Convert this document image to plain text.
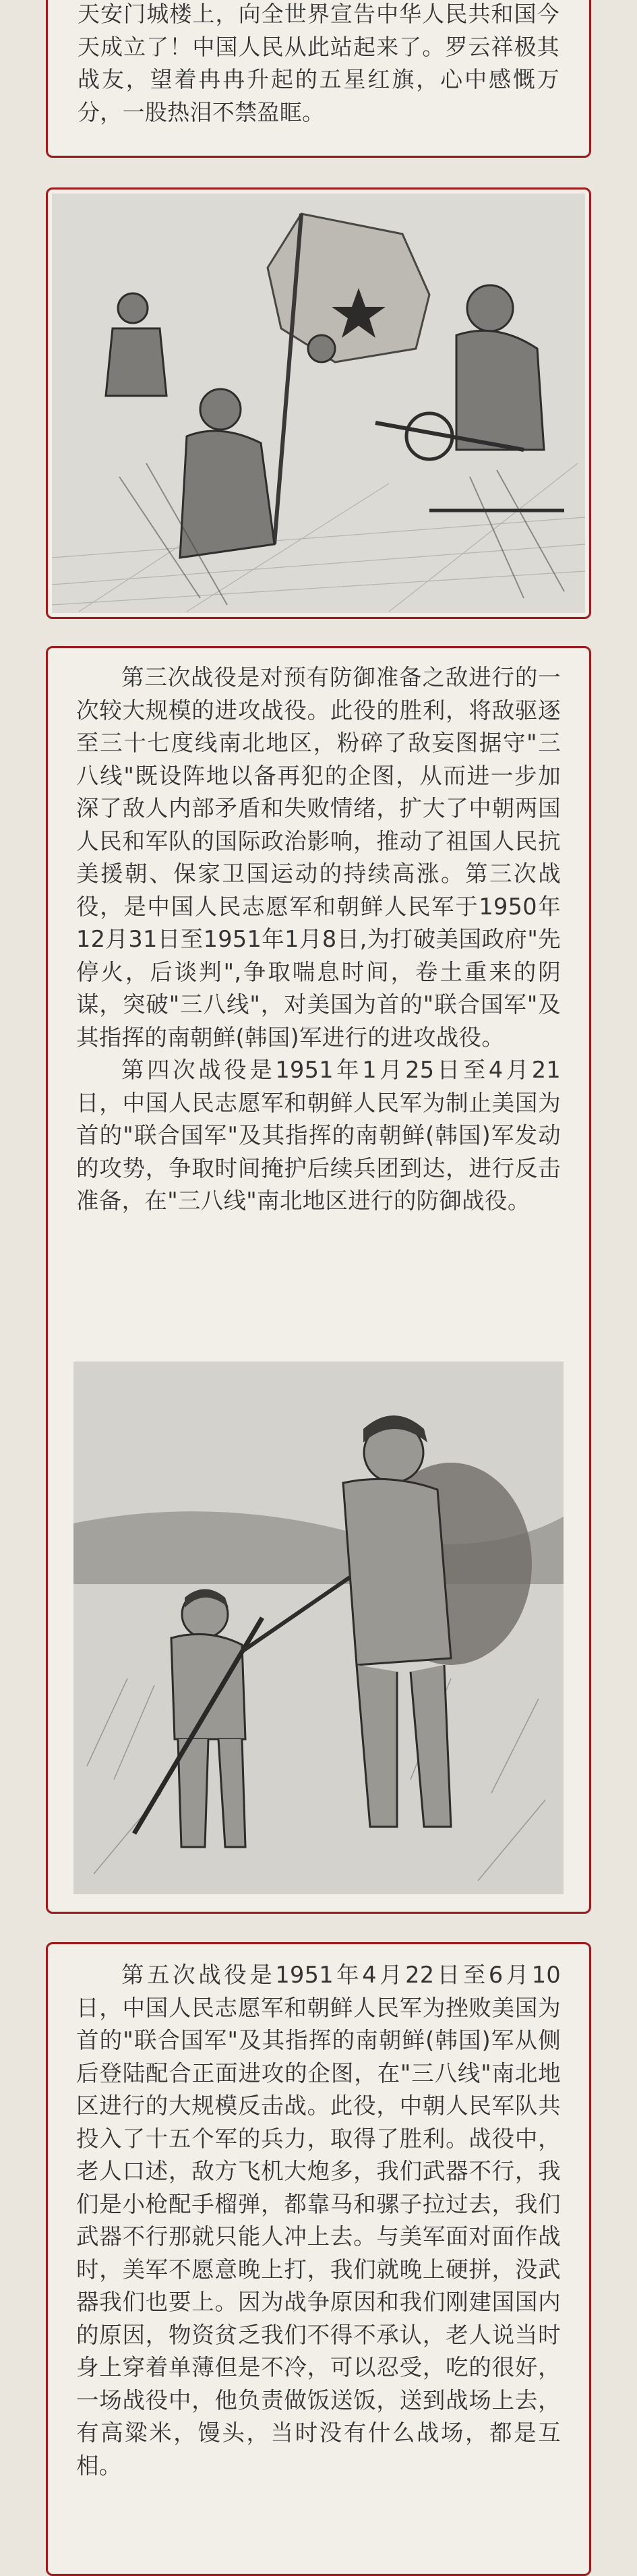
天安门城楼上，向全世界宣告中华人民共和国今天成立了！中国人民从此站起来了。罗云祥极其战友，望着冉冉升起的五星红旗，心中感慨万分，一股热泪不禁盈眶。

第三次战役是对预有防御准备之敌进行的一次较大规模的进攻战役。此役的胜利，将敌驱逐至三十七度线南北地区，粉碎了敌妄图据守"三八线"既设阵地以备再犯的企图，从而进一步加深了敌人内部矛盾和失败情绪，扩大了中朝两国人民和军队的国际政治影响，推动了祖国人民抗美援朝、保家卫国运动的持续高涨。第三次战役，是中国人民志愿军和朝鲜人民军于1950年12月31日至1951年1月8日,为打破美国政府"先停火，后谈判",争取喘息时间，卷土重来的阴谋，突破"三八线"，对美国为首的"联合国军"及其指挥的南朝鲜(韩国)军进行的进攻战役。

第四次战役是1951年1月25日至4月21日，中国人民志愿军和朝鲜人民军为制止美国为首的"联合国军"及其指挥的南朝鲜(韩国)军发动的攻势，争取时间掩护后续兵团到达，进行反击准备，在"三八线"南北地区进行的防御战役。

第五次战役是1951年4月22日至6月10日，中国人民志愿军和朝鲜人民军为挫败美国为首的"联合国军"及其指挥的南朝鲜(韩国)军从侧后登陆配合正面进攻的企图，在"三八线"南北地区进行的大规模反击战。此役，中朝人民军队共投入了十五个军的兵力，取得了胜利。战役中，老人口述，敌方飞机大炮多，我们武器不行，我们是小枪配手榴弹，都靠马和骡子拉过去，我们武器不行那就只能人冲上去。与美军面对面作战时，美军不愿意晚上打，我们就晚上硬拼，没武器我们也要上。因为战争原因和我们刚建国国内的原因，物资贫乏我们不得不承认，老人说当时身上穿着单薄但是不冷，可以忍受，吃的很好，一场战役中，他负责做饭送饭，送到战场上去，有高粱米，馒头，当时没有什么战场，都是互相。
